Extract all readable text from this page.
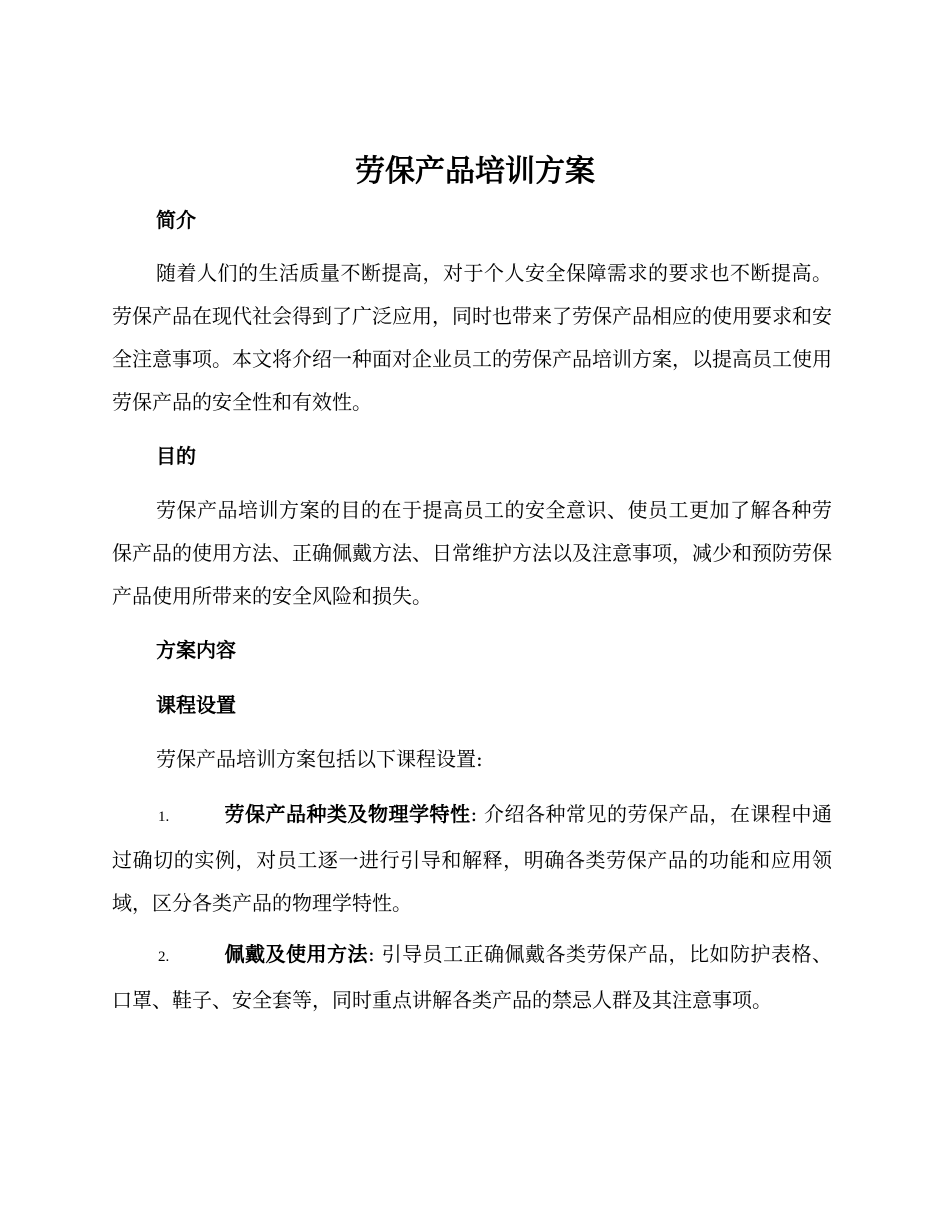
劳保产品培训方案
简介

随着人们的生活质量不断提高，对于个人安全保障需求的要求也不断提高。劳保产品在现代社会得到了广泛应用，同时也带来了劳保产品相应的使用要求和安全注意事项。本文将介绍一种面对企业员工的劳保产品培训方案，以提高员工使用劳保产品的安全性和有效性。

目的

劳保产品培训方案的目的在于提高员工的安全意识、使员工更加了解各种劳保产品的使用方法、正确佩戴方法、日常维护方法以及注意事项，减少和预防劳保产品使用所带来的安全风险和损失。

方案内容
课程设置

劳保产品培训方案包括以下课程设置:

1.	劳保产品种类及物理学特性: 介绍各种常见的劳保产品，在课程中通过确切的实例，对员工逐一进行引导和解释，明确各类劳保产品的功能和应用领域，区分各类产品的物理学特性。

2.	佩戴及使用方法: 引导员工正确佩戴各类劳保产品，比如防护表格、口罩、鞋子、安全套等，同时重点讲解各类产品的禁忌人群及其注意事项。
